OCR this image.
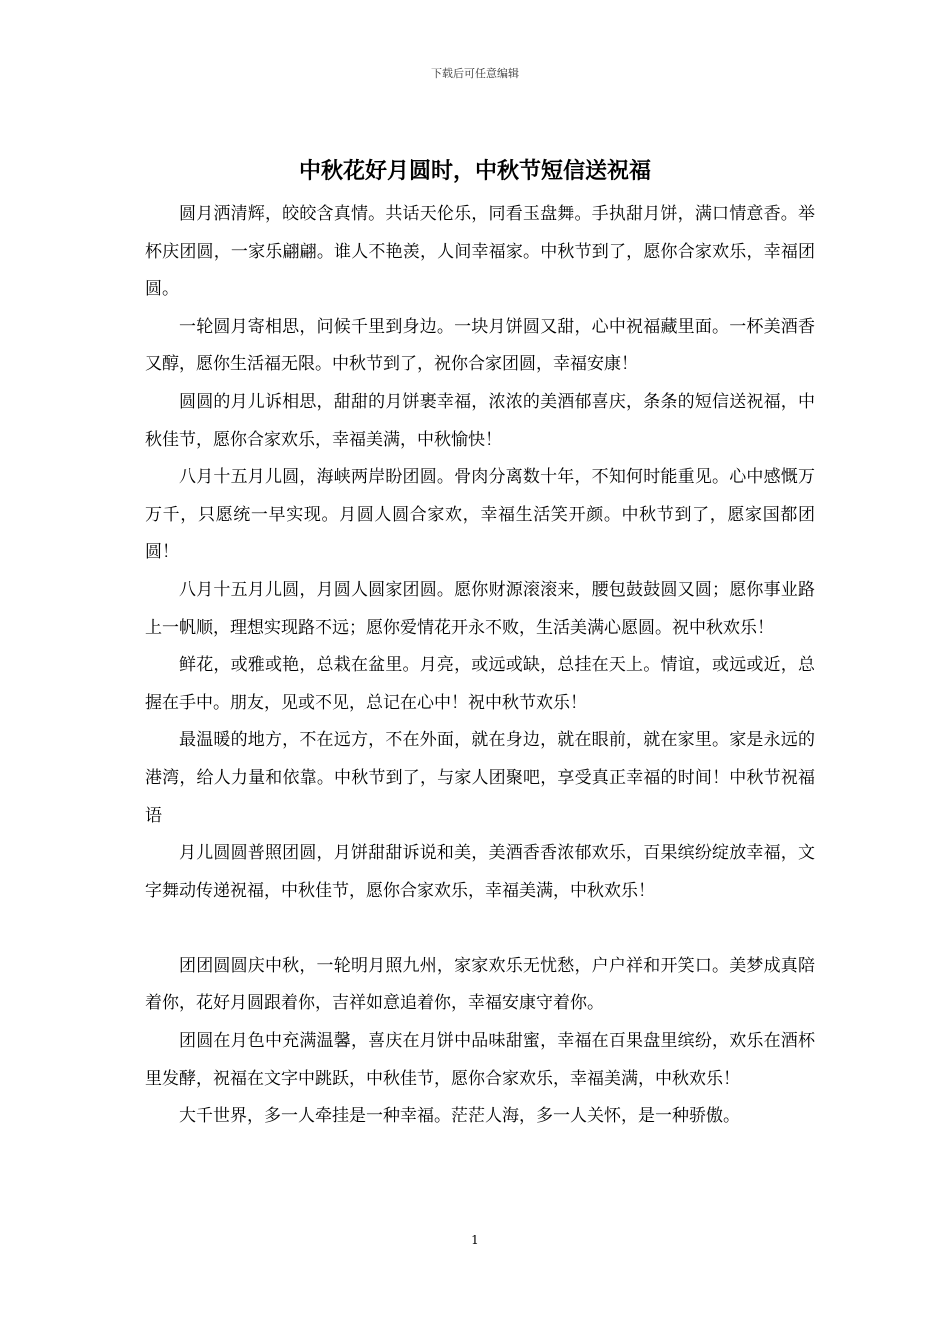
下载后可任意编辑
中秋花好月圆时，中秋节短信送祝福

圆月洒清辉，皎皎含真情。共话天伦乐，同看玉盘舞。手执甜月饼，满口情意香。举杯庆团圆，一家乐翩翩。谁人不艳羡，人间幸福家。中秋节到了，愿你合家欢乐，幸福团圆。

一轮圆月寄相思，问候千里到身边。一块月饼圆又甜，心中祝福藏里面。一杯美酒香又醇，愿你生活福无限。中秋节到了，祝你合家团圆，幸福安康！

圆圆的月儿诉相思，甜甜的月饼裹幸福，浓浓的美酒郁喜庆，条条的短信送祝福，中秋佳节，愿你合家欢乐，幸福美满，中秋愉快！

八月十五月儿圆，海峡两岸盼团圆。骨肉分离数十年，不知何时能重见。心中感慨万万千，只愿统一早实现。月圆人圆合家欢，幸福生活笑开颜。中秋节到了，愿家国都团圆！

八月十五月儿圆，月圆人圆家团圆。愿你财源滚滚来，腰包鼓鼓圆又圆；愿你事业路上一帆顺，理想实现路不远；愿你爱情花开永不败，生活美满心愿圆。祝中秋欢乐！

鲜花，或雅或艳，总栽在盆里。月亮，或远或缺，总挂在天上。情谊，或远或近，总握在手中。朋友，见或不见，总记在心中！祝中秋节欢乐！

最温暖的地方，不在远方，不在外面，就在身边，就在眼前，就在家里。家是永远的港湾，给人力量和依靠。中秋节到了，与家人团聚吧，享受真正幸福的时间！中秋节祝福语

月儿圆圆普照团圆，月饼甜甜诉说和美，美酒香香浓郁欢乐，百果缤纷绽放幸福，文字舞动传递祝福，中秋佳节，愿你合家欢乐，幸福美满，中秋欢乐！

团团圆圆庆中秋，一轮明月照九州，家家欢乐无忧愁，户户祥和开笑口。美梦成真陪着你，花好月圆跟着你，吉祥如意追着你，幸福安康守着你。

团圆在月色中充满温馨，喜庆在月饼中品味甜蜜，幸福在百果盘里缤纷，欢乐在酒杯里发酵，祝福在文字中跳跃，中秋佳节，愿你合家欢乐，幸福美满，中秋欢乐！

大千世界，多一人牵挂是一种幸福。茫茫人海，多一人关怀，是一种骄傲。

1
